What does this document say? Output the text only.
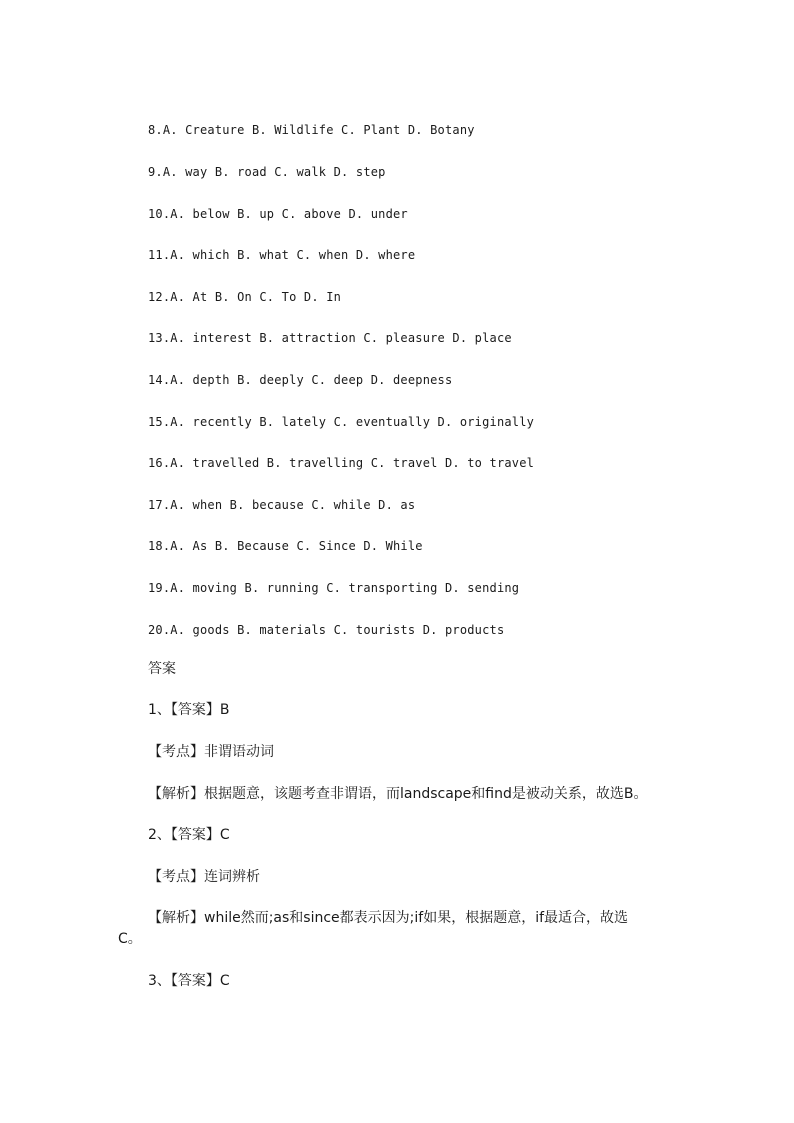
8.A. Creature B. Wildlife C. Plant D. Botany
9.A. way B. road C. walk D. step
10.A. below B. up C. above D. under
11.A. which B. what C. when D. where
12.A. At B. On C. To D. In
13.A. interest B. attraction C. pleasure D. place
14.A. depth B. deeply C. deep D. deepness
15.A. recently B. lately C. eventually D. originally
16.A. travelled B. travelling C. travel D. to travel
17.A. when B. because C. while D. as
18.A. As B. Because C. Since D. While
19.A. moving B. running C. transporting D. sending
20.A. goods B. materials C. tourists D. products
答案
1、【答案】B
【考点】非谓语动词
【解析】根据题意，该题考查非谓语，而landscape和find是被动关系，故选B。
2、【答案】C
【考点】连词辨析
【解析】while然而;as和since都表示因为;if如果，根据题意，if最适合，故选
C。
3、【答案】C
